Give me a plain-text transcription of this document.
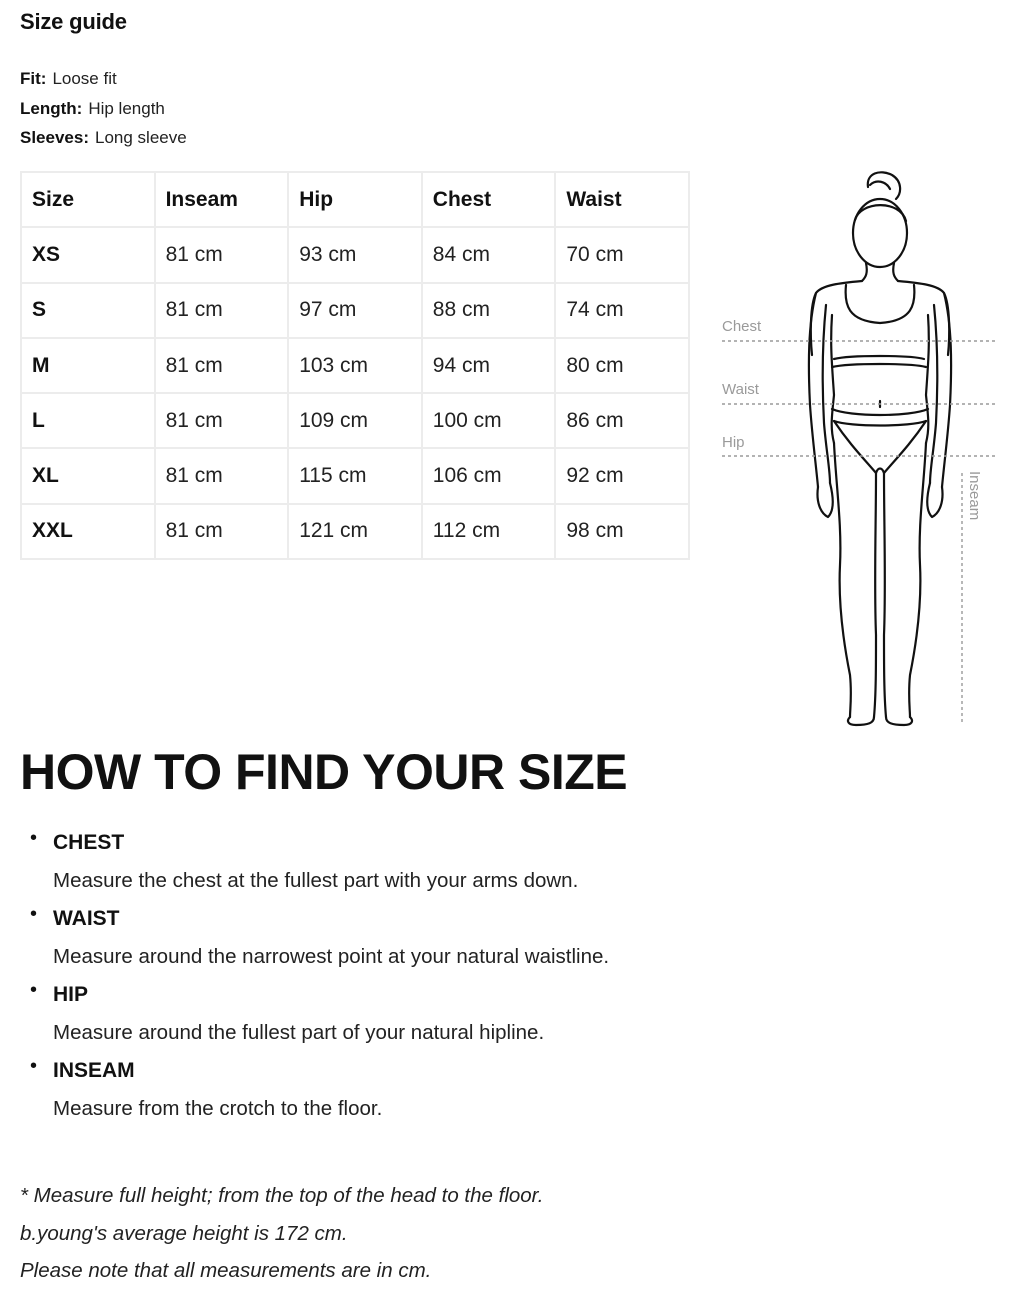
Size guide
Fit: Loose fit
Length: Hip length
Sleeves: Long sleeve
Size	Inseam	Hip	Chest	Waist
XS	81 cm	93 cm	84 cm	70 cm
S	81 cm	97 cm	88 cm	74 cm
M	81 cm	103 cm	94 cm	80 cm
L	81 cm	109 cm	100 cm	86 cm
XL	81 cm	115 cm	106 cm	92 cm
XXL	81 cm	121 cm	112 cm	98 cm
Chest
Waist
Hip
Inseam
HOW TO FIND YOUR SIZE
• CHEST
Measure the chest at the fullest part with your arms down.
• WAIST
Measure around the narrowest point at your natural waistline.
• HIP
Measure around the fullest part of your natural hipline.
• INSEAM
Measure from the crotch to the floor.
* Measure full height; from the top of the head to the floor.
b.young's average height is 172 cm.
Please note that all measurements are in cm.
